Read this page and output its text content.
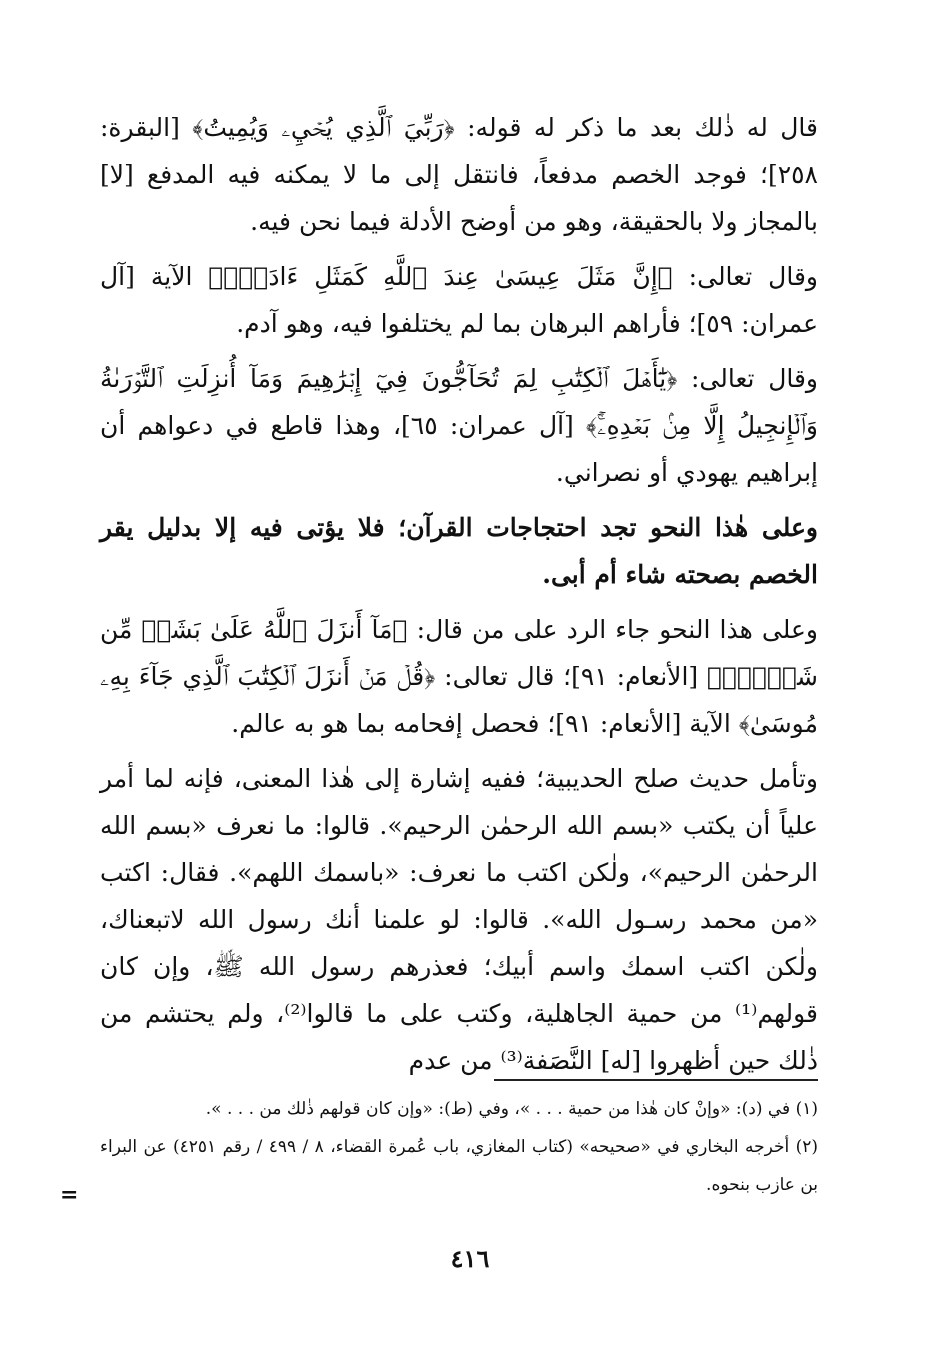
قال له ذٰلك بعد ما ذكر له قوله: ﴿رَبِّيَ ٱلَّذِي يُحۡيِۦ وَيُمِيتُ﴾ [البقرة: ٢٥٨]؛ فوجد الخصم مدفعاً، فانتقل إلى ما لا يمكنه فيه المدفع [لا] بالمجاز ولا بالحقيقة، وهو من أوضح الأدلة فيما نحن فيه.

وقال تعالى: ﴿إِنَّ مَثَلَ عِيسَىٰ عِندَ ٱللَّهِ كَمَثَلِ ءَادَمَۖ﴾ الآية [آل عمران: ٥٩]؛ فأراهم البرهان بما لم يختلفوا فيه، وهو آدم.

وقال تعالى: ﴿يَٰٓأَهۡلَ ٱلۡكِتَٰبِ لِمَ تُحَآجُّونَ فِيٓ إِبۡرَٰهِيمَ وَمَآ أُنزِلَتِ ٱلتَّوۡرَىٰةُ وَٱلۡإِنجِيلُ إِلَّا مِنۢ بَعۡدِهِۦٓۚ﴾ [آل عمران: ٦٥]، وهذا قاطع في دعواهم أن إبراهيم يهودي أو نصراني.

وعلى هٰذا النحو تجد احتجاجات القرآن؛ فلا يؤتى فيه إلا بدليل يقر الخصم بصحته شاء أم أبى.

وعلى هذا النحو جاء الرد على من قال: ﴿مَآ أَنزَلَ ٱللَّهُ عَلَىٰ بَشَرٖ مِّن شَيۡءٖۗ﴾ [الأنعام: ٩١]؛ قال تعالى: ﴿قُلۡ مَنۡ أَنزَلَ ٱلۡكِتَٰبَ ٱلَّذِي جَآءَ بِهِۦ مُوسَىٰ﴾ الآية [الأنعام: ٩١]؛ فحصل إفحامه بما هو به عالم.

وتأمل حديث صلح الحديبية؛ ففيه إشارة إلى هٰذا المعنى، فإنه لما أمر علياً أن يكتب «بسم الله الرحمٰن الرحيم». قالوا: ما نعرف «بسم الله الرحمٰن الرحيم»، ولٰكن اكتب ما نعرف: «باسمك اللهم». فقال: اكتب «من محمد رسـول الله». قالوا: لو علمنا أنك رسول الله لاتبعناك، ولٰكن اكتب اسمك واسم أبيك؛ فعذرهم رسول الله ﷺ، وإن كان قولهم⁽¹⁾ من حمية الجاهلية، وكتب على ما قالوا⁽²⁾، ولم يحتشم من ذٰلك حين أظهروا [له] النَّصَفة⁽³⁾ من عدم

(١) في (د): «وإنْ كان هٰذا من حمية . . . »، وفي (ط): «وإن كان قولهم ذٰلك من . . . ».

(٢) أخرجه البخاري في «صحيحه» (كتاب المغازي، باب عُمرة القضاء، ٨ / ٤٩٩ / رقم ٤٢٥١) عن البراء بن عازب بنحوه.

=
٤١٦
